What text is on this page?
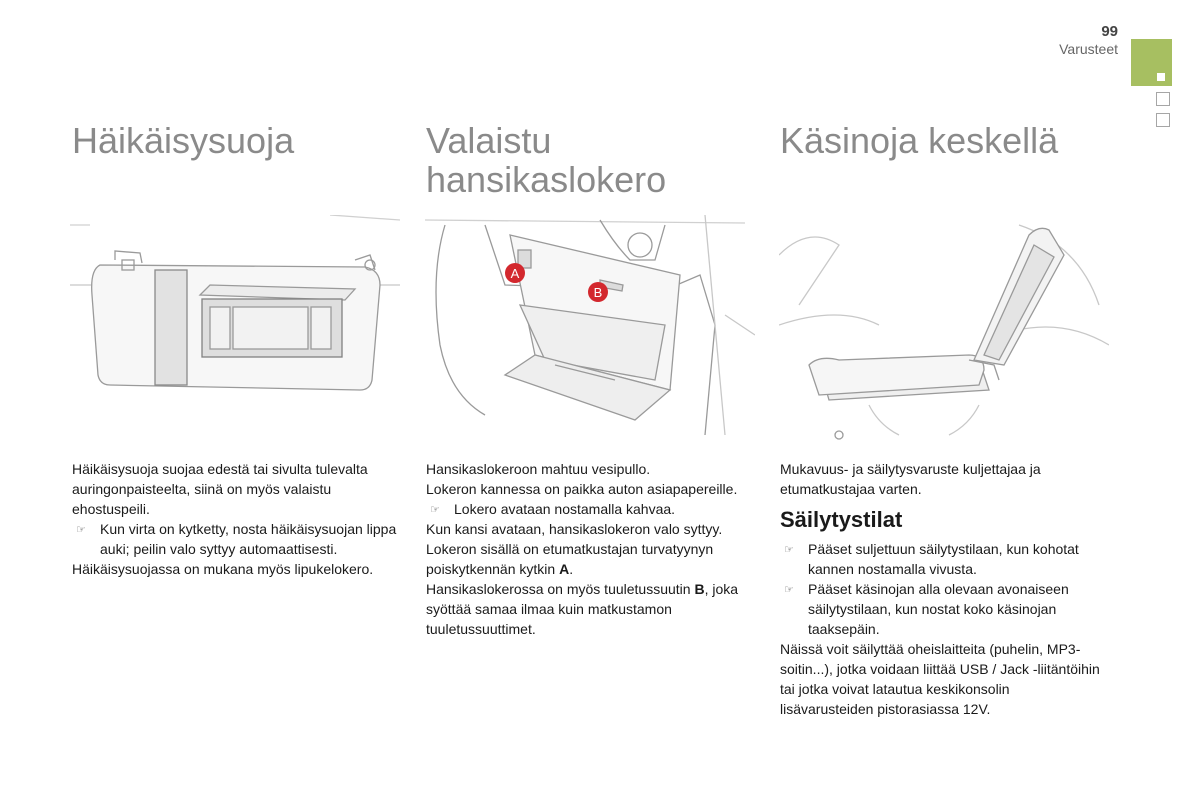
99
Varusteet
Häikäisysuoja

Häikäisysuoja suojaa edestä tai sivulta tulevalta auringonpaisteelta, siinä on myös valaistu ehostuspeili.

☞ Kun virta on kytketty, nosta häikäisysuojan lippa auki; peilin valo syttyy automaattisesti.

Häikäisysuojassa on mukana myös lipukelokero.

Valaistu hansikaslokero
A
B

Hansikaslokeroon mahtuu vesipullo.

Lokeron kannessa on paikka auton asiapapereille.

☞ Lokero avataan nostamalla kahvaa.

Kun kansi avataan, hansikaslokeron valo syttyy.

Lokeron sisällä on etumatkustajan turvatyynyn poiskytkennän kytkin A.

Hansikaslokerossa on myös tuuletussuutin B, joka syöttää samaa ilmaa kuin matkustamon tuuletussuuttimet.

Käsinoja keskellä

Mukavuus- ja säilytysvaruste kuljettajaa ja etumatkustajaa varten.

Säilytystilat

☞ Pääset suljettuun säilytystilaan, kun kohotat kannen nostamalla vivusta.

☞ Pääset käsinojan alla olevaan avonaiseen säilytystilaan, kun nostat koko käsinojan taaksepäin.

Näissä voit säilyttää oheislaitteita (puhelin, MP3-soitin...), jotka voidaan liittää USB / Jack -liitäntöihin tai jotka voivat latautua keskikonsolin lisävarusteiden pistorasiassa 12V.
